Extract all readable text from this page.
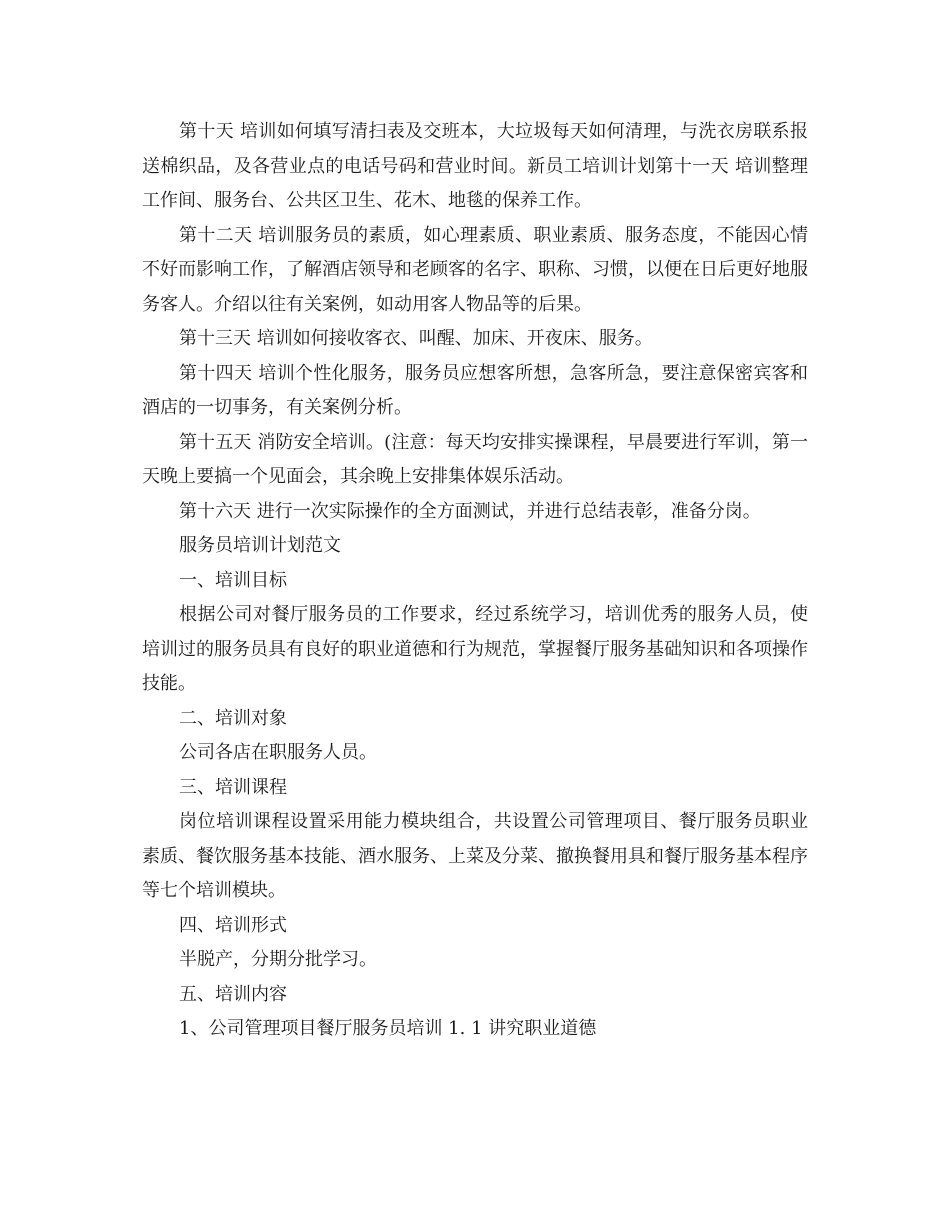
第十天 培训如何填写清扫表及交班本，大垃圾每天如何清理，与洗衣房联系报送棉织品，及各营业点的电话号码和营业时间。新员工培训计划第十一天 培训整理工作间、服务台、公共区卫生、花木、地毯的保养工作。

第十二天 培训服务员的素质，如心理素质、职业素质、服务态度，不能因心情不好而影响工作，了解酒店领导和老顾客的名字、职称、习惯，以便在日后更好地服务客人。介绍以往有关案例，如动用客人物品等的后果。

第十三天 培训如何接收客衣、叫醒、加床、开夜床、服务。

第十四天 培训个性化服务，服务员应想客所想，急客所急，要注意保密宾客和酒店的一切事务，有关案例分析。

第十五天 消防安全培训。(注意：每天均安排实操课程，早晨要进行军训，第一天晚上要搞一个见面会，其余晚上安排集体娱乐活动。

第十六天 进行一次实际操作的全方面测试，并进行总结表彰，准备分岗。

服务员培训计划范文

一、培训目标

根据公司对餐厅服务员的工作要求，经过系统学习，培训优秀的服务人员，使培训过的服务员具有良好的职业道德和行为规范，掌握餐厅服务基础知识和各项操作技能。

二、培训对象

公司各店在职服务人员。

三、培训课程

岗位培训课程设置采用能力模块组合，共设置公司管理项目、餐厅服务员职业素质、餐饮服务基本技能、酒水服务、上菜及分菜、撤换餐用具和餐厅服务基本程序等七个培训模块。

四、培训形式

半脱产，分期分批学习。

五、培训内容

1、公司管理项目餐厅服务员培训 1. 1 讲究职业道德
